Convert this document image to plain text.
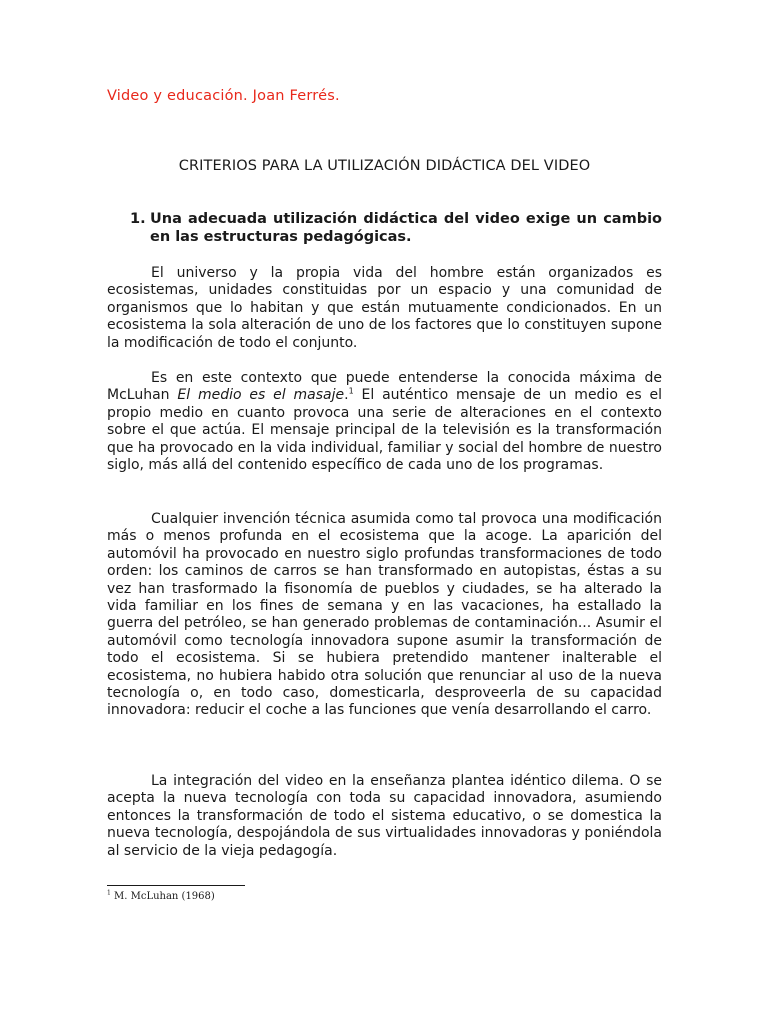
Video y educación. Joan Ferrés.
CRITERIOS PARA LA UTILIZACIÓN DIDÁCTICA DEL VIDEO
1. Una adecuada utilización didáctica del video exige un cambio en las estructuras pedagógicas.

El universo y la propia vida del hombre están organizados es ecosistemas, unidades constituidas por un espacio y una comunidad de organismos que lo habitan y que están mutuamente condicionados. En un ecosistema la sola alteración de uno de los factores que lo constituyen supone la modificación de todo el conjunto.

Es en este contexto que puede entenderse la conocida máxima de McLuhan El medio es el masaje.$^1$ El auténtico mensaje de un medio es el propio medio en cuanto provoca una serie de alteraciones en el contexto sobre el que actúa. El mensaje principal de la televisión es la transformación que ha provocado en la vida individual, familiar y social del hombre de nuestro siglo, más allá del contenido específico de cada uno de los programas.

Cualquier invención técnica asumida como tal provoca una modificación más o menos profunda en el ecosistema que la acoge. La aparición del automóvil ha provocado en nuestro siglo profundas transformaciones de todo orden: los caminos de carros se han transformado en autopistas, éstas a su vez han trasformado la fisonomía de pueblos y ciudades, se ha alterado la vida familiar en los fines de semana y en las vacaciones, ha estallado la guerra del petróleo, se han generado problemas de contaminación... Asumir el automóvil como tecnología innovadora supone asumir la transformación de todo el ecosistema. Si se hubiera pretendido mantener inalterable el ecosistema, no hubiera habido otra solución que renunciar al uso de la nueva tecnología o, en todo caso, domesticarla, desproveerla de su capacidad innovadora: reducir el coche a las funciones que venía desarrollando el carro.

La integración del video en la enseñanza plantea idéntico dilema. O se acepta la nueva tecnología con toda su capacidad innovadora, asumiendo entonces la transformación de todo el sistema educativo, o se domestica la nueva tecnología, despojándola de sus virtualidades innovadoras y poniéndola al servicio de la vieja pedagogía.

$^1$ M. McLuhan (1968)
